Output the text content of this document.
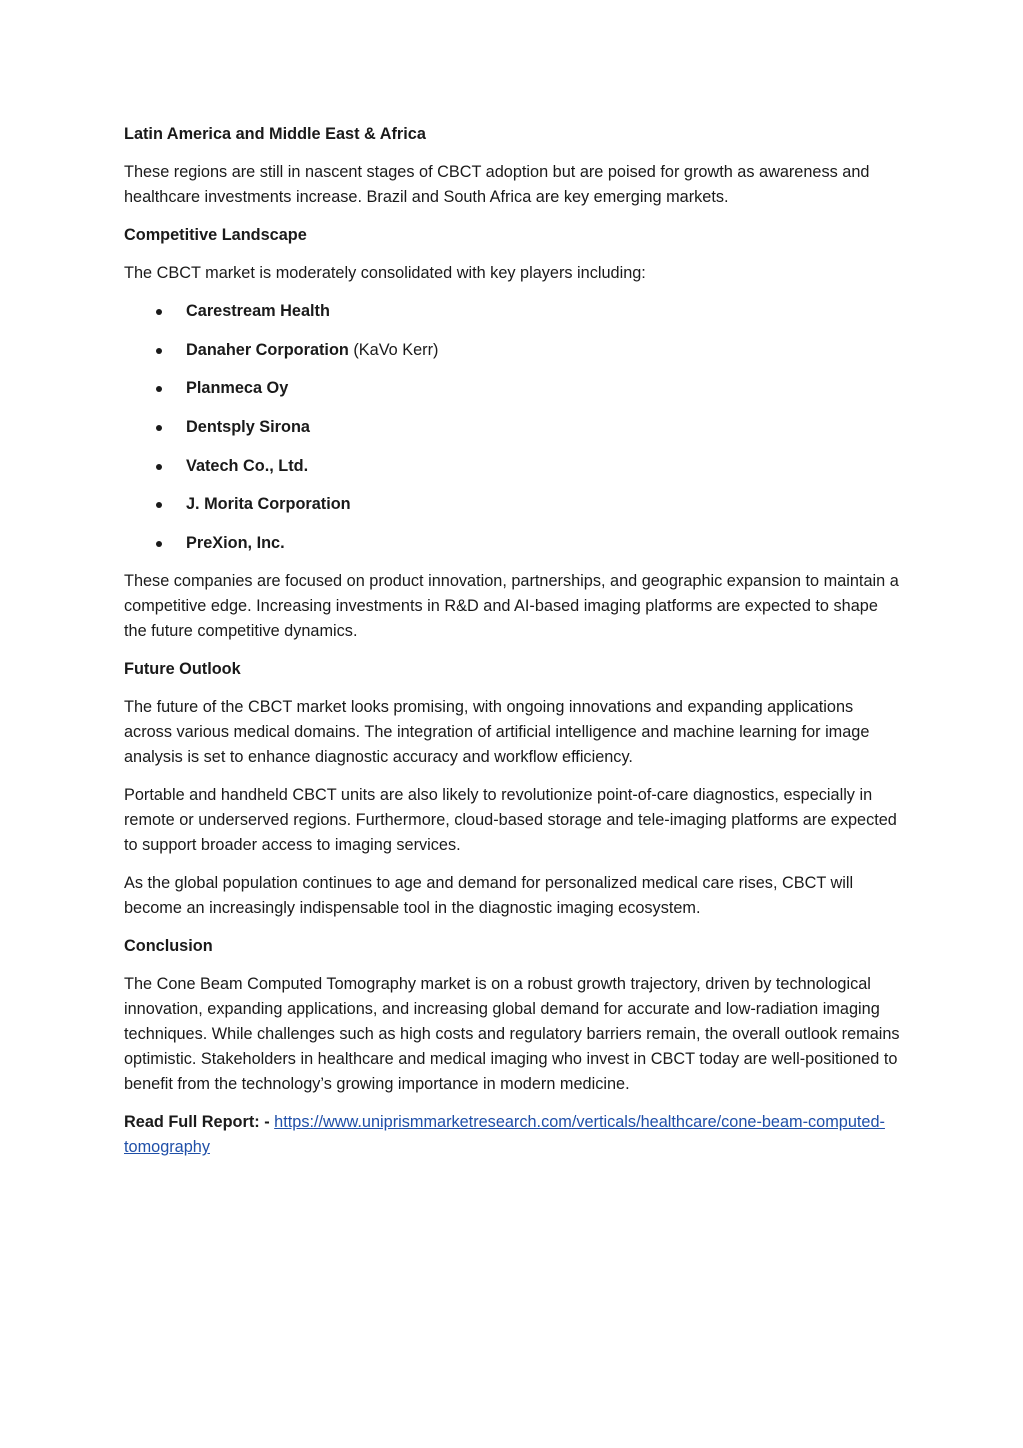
Latin America and Middle East & Africa

These regions are still in nascent stages of CBCT adoption but are poised for growth as awareness and healthcare investments increase. Brazil and South Africa are key emerging markets.

Competitive Landscape

The CBCT market is moderately consolidated with key players including:

Carestream Health
Danaher Corporation (KaVo Kerr)
Planmeca Oy
Dentsply Sirona
Vatech Co., Ltd.
J. Morita Corporation
PreXion, Inc.

These companies are focused on product innovation, partnerships, and geographic expansion to maintain a competitive edge. Increasing investments in R&D and AI-based imaging platforms are expected to shape the future competitive dynamics.

Future Outlook

The future of the CBCT market looks promising, with ongoing innovations and expanding applications across various medical domains. The integration of artificial intelligence and machine learning for image analysis is set to enhance diagnostic accuracy and workflow efficiency.

Portable and handheld CBCT units are also likely to revolutionize point-of-care diagnostics, especially in remote or underserved regions. Furthermore, cloud-based storage and tele-imaging platforms are expected to support broader access to imaging services.

As the global population continues to age and demand for personalized medical care rises, CBCT will become an increasingly indispensable tool in the diagnostic imaging ecosystem.

Conclusion

The Cone Beam Computed Tomography market is on a robust growth trajectory, driven by technological innovation, expanding applications, and increasing global demand for accurate and low-radiation imaging techniques. While challenges such as high costs and regulatory barriers remain, the overall outlook remains optimistic. Stakeholders in healthcare and medical imaging who invest in CBCT today are well-positioned to benefit from the technology’s growing importance in modern medicine.

Read Full Report: - https://www.uniprismmarketresearch.com/verticals/healthcare/cone-beam-computed-tomography
